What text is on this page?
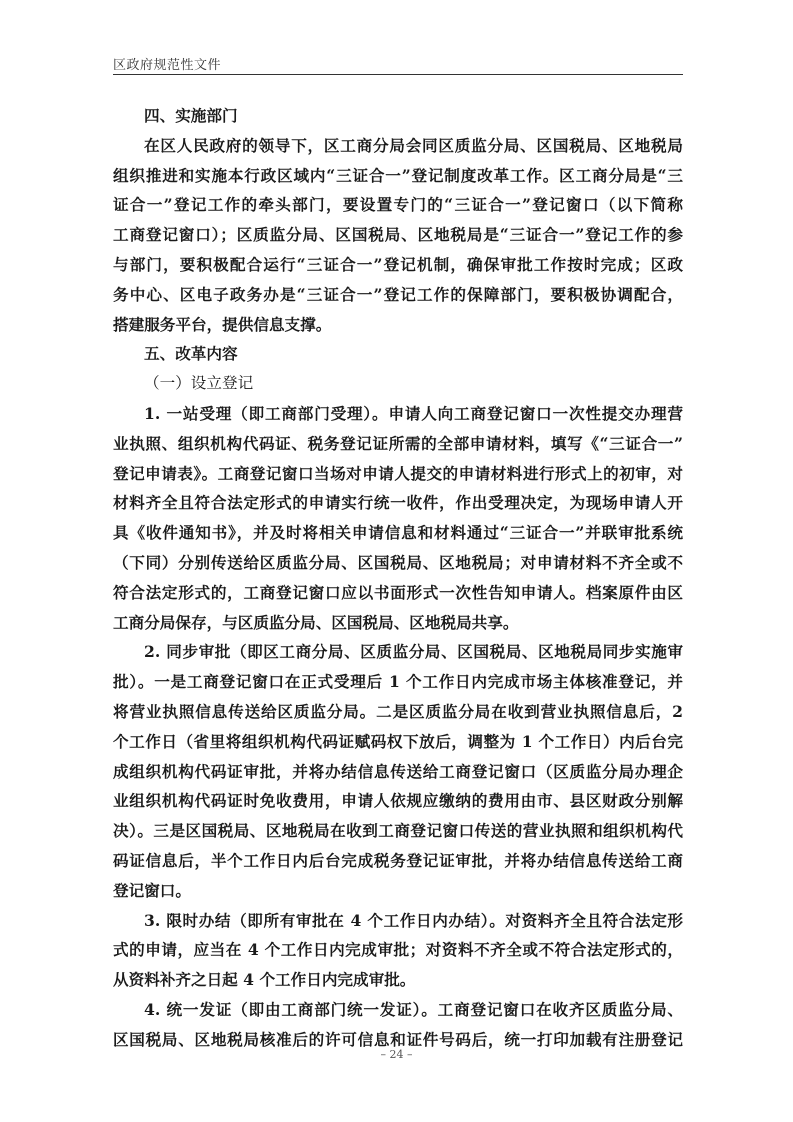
区政府规范性文件
四、实施部门
在区人民政府的领导下，区工商分局会同区质监分局、区国税局、区地税局
组织推进和实施本行政区域内“三证合一”登记制度改革工作。区工商分局是“三
证合一”登记工作的牵头部门，要设置专门的“三证合一”登记窗口（以下简称
工商登记窗口）；区质监分局、区国税局、区地税局是“三证合一”登记工作的参
与部门，要积极配合运行“三证合一”登记机制，确保审批工作按时完成；区政
务中心、区电子政务办是“三证合一”登记工作的保障部门，要积极协调配合，
搭建服务平台，提供信息支撑。
五、改革内容
（一）设立登记
1. 一站受理（即工商部门受理）。申请人向工商登记窗口一次性提交办理营
业执照、组织机构代码证、税务登记证所需的全部申请材料，填写《“三证合一”
登记申请表》。工商登记窗口当场对申请人提交的申请材料进行形式上的初审，对
材料齐全且符合法定形式的申请实行统一收件，作出受理决定，为现场申请人开
具《收件通知书》，并及时将相关申请信息和材料通过“三证合一”并联审批系统
（下同）分别传送给区质监分局、区国税局、区地税局；对申请材料不齐全或不
符合法定形式的，工商登记窗口应以书面形式一次性告知申请人。档案原件由区
工商分局保存，与区质监分局、区国税局、区地税局共享。
2. 同步审批（即区工商分局、区质监分局、区国税局、区地税局同步实施审
批）。一是工商登记窗口在正式受理后 1 个工作日内完成市场主体核准登记，并
将营业执照信息传送给区质监分局。二是区质监分局在收到营业执照信息后，2
个工作日（省里将组织机构代码证赋码权下放后，调整为 1 个工作日）内后台完
成组织机构代码证审批，并将办结信息传送给工商登记窗口（区质监分局办理企
业组织机构代码证时免收费用，申请人依规应缴纳的费用由市、县区财政分别解
决）。三是区国税局、区地税局在收到工商登记窗口传送的营业执照和组织机构代
码证信息后，半个工作日内后台完成税务登记证审批，并将办结信息传送给工商
登记窗口。
3. 限时办结（即所有审批在 4 个工作日内办结）。对资料齐全且符合法定形
式的申请，应当在 4 个工作日内完成审批；对资料不齐全或不符合法定形式的，
从资料补齐之日起 4 个工作日内完成审批。
4. 统一发证（即由工商部门统一发证）。工商登记窗口在收齐区质监分局、
区国税局、区地税局核准后的许可信息和证件号码后，统一打印加载有注册登记
– 24 –
